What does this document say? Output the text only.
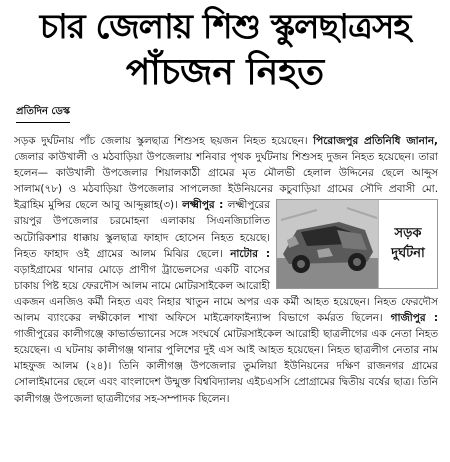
চার জেলায় শিশু স্কুলছাত্রসহ
পাঁচজন নিহত
প্রতিদিন ডেস্ক
সড়ক দুর্ঘটনায় পাঁচ জেলায় স্কুলছাত্র শিশুসহ ছয়জন নিহত হয়েছেন। পিরোজপুর প্রতিনিধি জানান, জেলার কাউখালী ও মঠবাড়িয়া উপজেলায় শনিবার পৃথক দুর্ঘটনায় শিশুসহ দুজন নিহত হয়েছেন। তারা হলেন— কাউখালী উপজেলার শিয়ালকাঠী গ্রামের মৃত মৌলভী হেলাল উদ্দিনের ছেলে আব্দুস সালাম(৭৮) ও মঠবাড়িয়া উপজেলার সাপলেজা ইউনিয়নের কচুবাড়িয়া গ্রামের সৌদি প্রবাসী মো. ইব্রাহিম মুন্সির ছেলে আবু আব্দুল্লাহ(৩)। লক্ষ্মীপুর :
সড়ক
দুর্ঘটনা
লক্ষ্মীপুরের রায়পুর উপজেলার চরমোহনা এলাকায় সিএনজিচালিত অটোরিকশার ধাক্কায় স্কুলছাত্র ফাহাদ হোসেন নিহত হয়েছে। নিহত ফাহাদ ওই গ্রামের আলম মিঝির ছেলে। নাটোর : বড়াইগ্রামের থানার মোড়ে প্রাণীগ ট্রাভেলসের একটি বাসের চাকায় পিষ্ট হয়ে ফেরদৌস আলম নামে মোটরসাইকেল আরোহী একজন এনজিও কর্মী নিহত এবং নিহার খাতুন নামে অপর এক কর্মী আহত হয়েছেন। নিহত ফেরদৌস আলম ব্যাংকের লক্ষীকোল শাখা অফিসে মাইক্রোফাইন্যান্স বিভাগে কর্মরত ছিলেন। গাজীপুর : গাজীপুরের কালীগঞ্জে কাভার্ডভ্যানের সঙ্গে সংঘর্ষে মোটরসাইকেল আরোহী ছাত্রলীগের এক নেতা নিহত হয়েছেন। এ ঘটনায় কালীগঞ্জ থানার পুলিশের দুই এস আই আহত হয়েছেন। নিহত ছাত্রলীগ নেতার নাম মাহফুজ আলম (২৪)। তিনি কালীগঞ্জ উপজেলার তুমলিয়া ইউনিয়নের দক্ষিণ রাজনগর গ্রামের সোলাইমানের ছেলে এবং বাংলাদেশ উন্মুক্ত বিশ্ববিদ্যালয় এইচএসসি প্রোগ্রামের দ্বিতীয় বর্ষের ছাত্র। তিনি কালীগঞ্জ উপজেলা ছাত্রলীগের সহ-সম্পাদক ছিলেন।
